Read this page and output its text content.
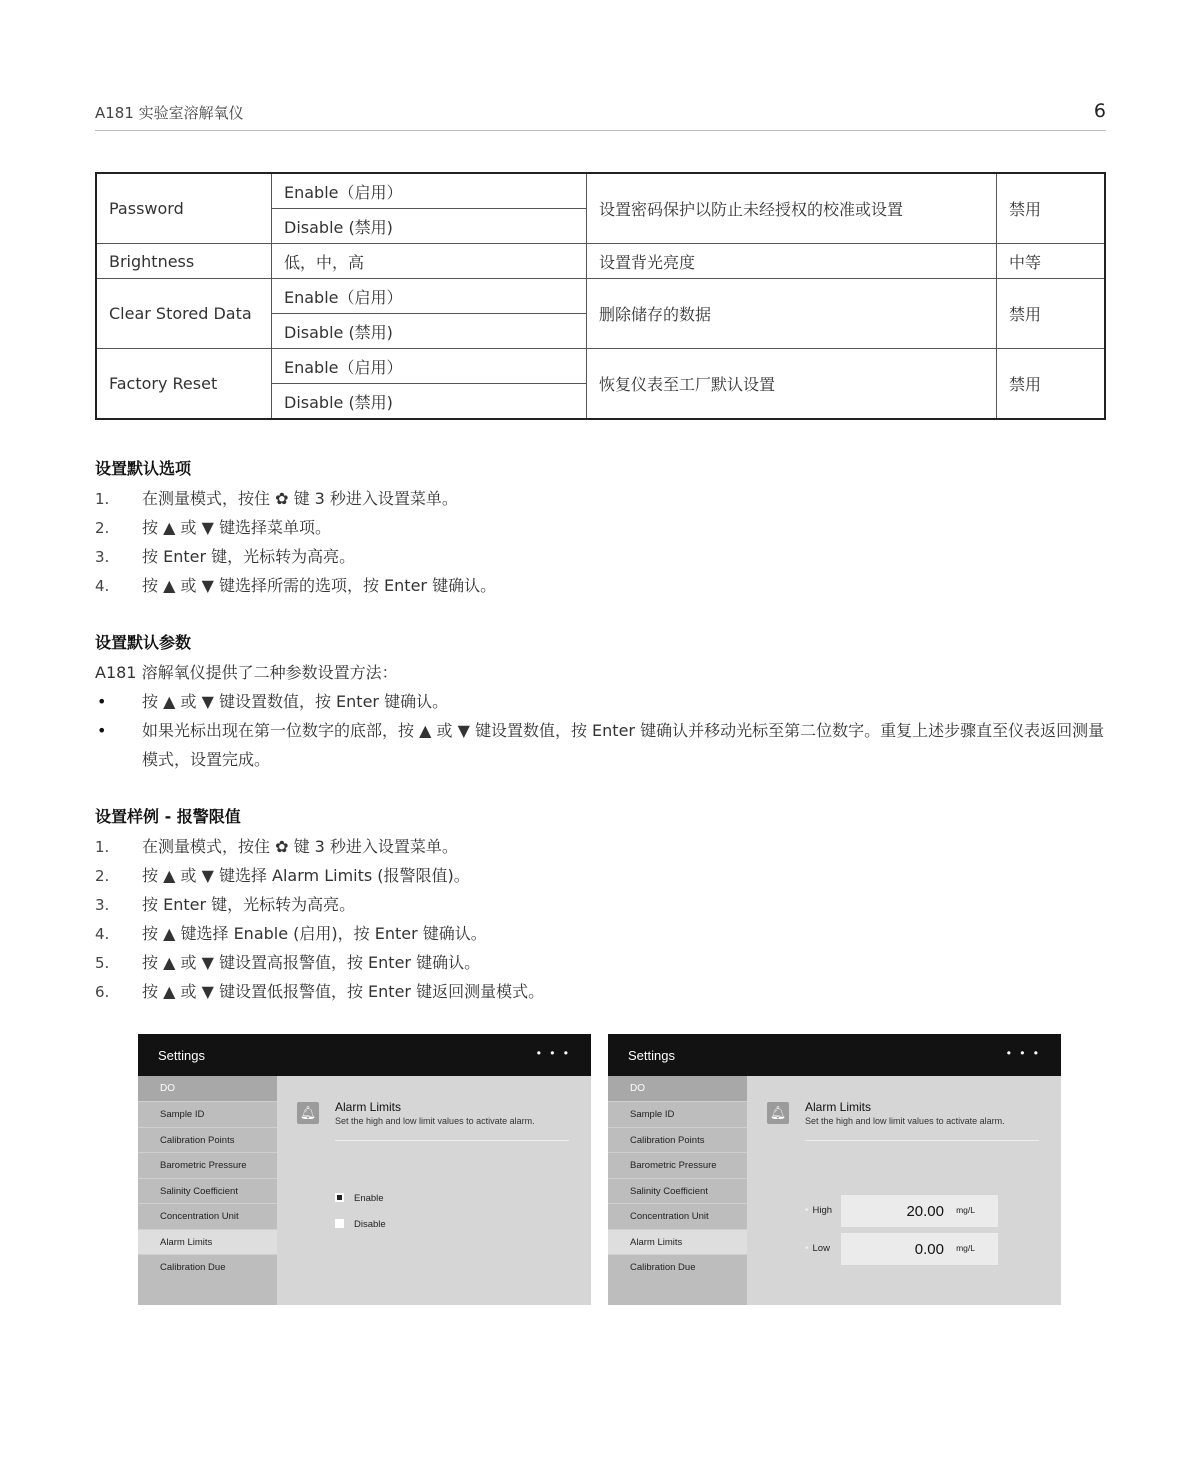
A181 实验室溶解氧仪	6
Password	Enable（启用）	设置密码保护以防止未经授权的校准或设置	禁用
	Disable (禁用)		
Brightness	低，中，高	设置背光亮度	中等
Clear Stored Data	Enable（启用）	删除储存的数据	禁用
	Disable (禁用)		
Factory Reset	Enable（启用）	恢复仪表至工厂默认设置	禁用
	Disable (禁用)		
设置默认选项
1. 在测量模式，按住 ✿ 键 3 秒进入设置菜单。
2. 按 ▲ 或 ▼ 键选择菜单项。
3. 按 Enter 键，光标转为高亮。
4. 按 ▲ 或 ▼ 键选择所需的选项，按 Enter 键确认。
设置默认参数

A181 溶解氧仪提供了二种参数设置方法：

• 按 ▲ 或 ▼ 键设置数值，按 Enter 键确认。
• 如果光标出现在第一位数字的底部，按 ▲ 或 ▼ 键设置数值，按 Enter 键确认并移动光标至第二位数字。重复上述步骤直至仪表返回测量模式，设置完成。
设置样例 - 报警限值
1. 在测量模式，按住 ✿ 键 3 秒进入设置菜单。
2. 按 ▲ 或 ▼ 键选择 Alarm Limits (报警限值)。
3. 按 Enter 键，光标转为高亮。
4. 按 ▲ 键选择 Enable (启用)，按 Enter 键确认。
5. 按 ▲ 或 ▼ 键设置高报警值，按 Enter 键确认。
6. 按 ▲ 或 ▼ 键设置低报警值，按 Enter 键返回测量模式。
Settings	• • •
DO
Sample ID
Calibration Points
Barometric Pressure
Salinity Coefficient
Concentration Unit
Alarm Limits
Calibration Due
🔔︎ Alarm Limits
Set the high and low limit values to activate alarm.
Enable
Disable
Settings	• • •
DO
Sample ID
Calibration Points
Barometric Pressure
Salinity Coefficient
Concentration Unit
Alarm Limits
Calibration Due
🔔︎ Alarm Limits
Set the high and low limit values to activate alarm.
• High	20.00 mg/L
• Low	0.00 mg/L
